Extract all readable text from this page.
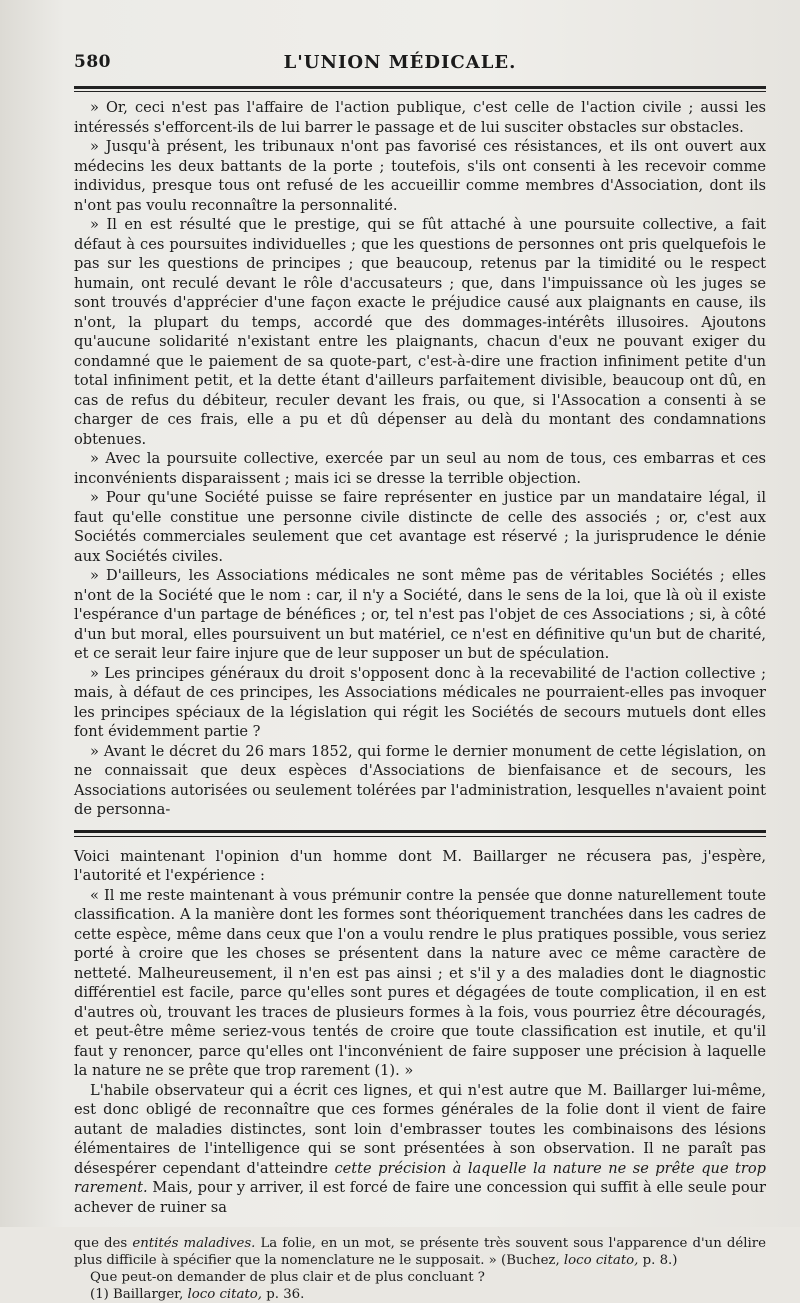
580	L'UNION MÉDICALE.

» Or, ceci n'est pas l'affaire de l'action publique, c'est celle de l'action civile ; aussi les intéressés s'efforcent-ils de lui barrer le passage et de lui susciter obstacles sur obstacles.

» Jusqu'à présent, les tribunaux n'ont pas favorisé ces résistances, et ils ont ouvert aux médecins les deux battants de la porte ; toutefois, s'ils ont consenti à les recevoir comme individus, presque tous ont refusé de les accueillir comme membres d'Association, dont ils n'ont pas voulu reconnaître la personnalité.

» Il en est résulté que le prestige, qui se fût attaché à une poursuite collective, a fait défaut à ces poursuites individuelles ; que les questions de personnes ont pris quelquefois le pas sur les questions de principes ; que beaucoup, retenus par la timidité ou le respect humain, ont reculé devant le rôle d'accusateurs ; que, dans l'impuissance où les juges se sont trouvés d'apprécier d'une façon exacte le préjudice causé aux plaignants en cause, ils n'ont, la plupart du temps, accordé que des dommages-intérêts illusoires. Ajoutons qu'aucune solidarité n'existant entre les plaignants, chacun d'eux ne pouvant exiger du condamné que le paiement de sa quote-part, c'est-à-dire une fraction infiniment petite d'un total infiniment petit, et la dette étant d'ailleurs parfaitement divisible, beaucoup ont dû, en cas de refus du débiteur, reculer devant les frais, ou que, si l'Assocation a consenti à se charger de ces frais, elle a pu et dû dépenser au delà du montant des condamnations obtenues.

» Avec la poursuite collective, exercée par un seul au nom de tous, ces embarras et ces inconvénients disparaissent ; mais ici se dresse la terrible objection.

» Pour qu'une Société puisse se faire représenter en justice par un mandataire légal, il faut qu'elle constitue une personne civile distincte de celle des associés ; or, c'est aux Sociétés commerciales seulement que cet avantage est réservé ; la jurisprudence le dénie aux Sociétés civiles.

» D'ailleurs, les Associations médicales ne sont même pas de véritables Sociétés ; elles n'ont de la Société que le nom : car, il n'y a Société, dans le sens de la loi, que là où il existe l'espérance d'un partage de bénéfices ; or, tel n'est pas l'objet de ces Associations ; si, à côté d'un but moral, elles poursuivent un but matériel, ce n'est en définitive qu'un but de charité, et ce serait leur faire injure que de leur supposer un but de spéculation.

» Les principes généraux du droit s'opposent donc à la recevabilité de l'action collective ; mais, à défaut de ces principes, les Associations médicales ne pourraient-elles pas invoquer les principes spéciaux de la législation qui régit les Sociétés de secours mutuels dont elles font évidemment partie ?

» Avant le décret du 26 mars 1852, qui forme le dernier monument de cette législation, on ne connaissait que deux espèces d'Associations de bienfaisance et de secours, les Associations autorisées ou seulement tolérées par l'administration, lesquelles n'avaient point de personna-

Voici maintenant l'opinion d'un homme dont M. Baillarger ne récusera pas, j'espère, l'autorité et l'expérience :

« Il me reste maintenant à vous prémunir contre la pensée que donne naturellement toute classification. A la manière dont les formes sont théoriquement tranchées dans les cadres de cette espèce, même dans ceux que l'on a voulu rendre le plus pratiques possible, vous seriez porté à croire que les choses se présentent dans la nature avec ce même caractère de netteté. Malheureusement, il n'en est pas ainsi ; et s'il y a des maladies dont le diagnostic différentiel est facile, parce qu'elles sont pures et dégagées de toute complication, il en est d'autres où, trouvant les traces de plusieurs formes à la fois, vous pourriez être découragés, et peut-être même seriez-vous tentés de croire que toute classification est inutile, et qu'il faut y renoncer, parce qu'elles ont l'inconvénient de faire supposer une précision à laquelle la nature ne se prête que trop rarement (1). »

L'habile observateur qui a écrit ces lignes, et qui n'est autre que M. Baillarger lui-même, est donc obligé de reconnaître que ces formes générales de la folie dont il vient de faire autant de maladies distinctes, sont loin d'embrasser toutes les combinaisons des lésions élémentaires de l'intelligence qui se sont présentées à son observation. Il ne paraît pas désespérer cependant d'atteindre cette précision à laquelle la nature ne se prête que trop rarement. Mais, pour y arriver, il est forcé de faire une concession qui suffit à elle seule pour achever de ruiner sa

que des entités maladives. La folie, en un mot, se présente très souvent sous l'apparence d'un délire plus difficile à spécifier que la nomenclature ne le supposait. » (Buchez, loco citato, p. 8.)

Que peut-on demander de plus clair et de plus concluant ?

(1) Baillarger, loco citato, p. 36.
